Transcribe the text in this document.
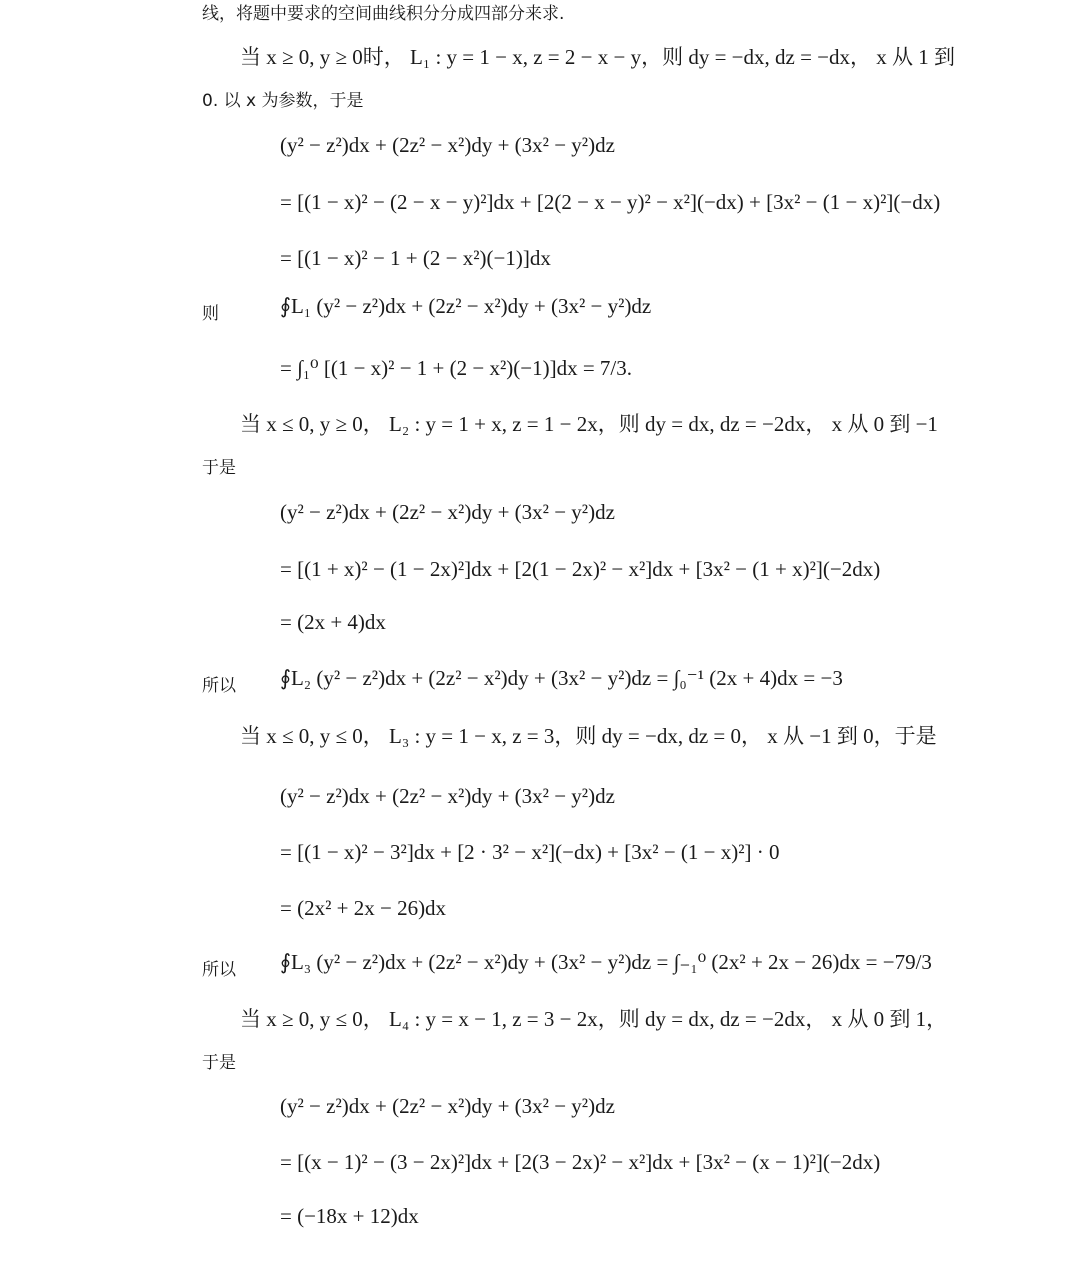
线，将题中要求的空间曲线积分分成四部分来求.
当 x ≥ 0, y ≥ 0时， L₁ : y = 1 − x, z = 2 − x − y，则 dy = −dx, dz = −dx， x 从 1 到
0. 以 x 为参数，于是
(y² − z²)dx + (2z² − x²)dy + (3x² − y²)dz
= [(1 − x)² − (2 − x − y)²]dx + [2(2 − x − y)² − x²](−dx) + [3x² − (1 − x)²](−dx)
= [(1 − x)² − 1 + (2 − x²)(−1)]dx
则	∮L₁ (y² − z²)dx + (2z² − x²)dy + (3x² − y²)dz
= ∫₁⁰ [(1 − x)² − 1 + (2 − x²)(−1)]dx = 7/3.
当 x ≤ 0, y ≥ 0， L₂ : y = 1 + x, z = 1 − 2x，则 dy = dx, dz = −2dx， x 从 0 到 −1
于是
(y² − z²)dx + (2z² − x²)dy + (3x² − y²)dz
= [(1 + x)² − (1 − 2x)²]dx + [2(1 − 2x)² − x²]dx + [3x² − (1 + x)²](−2dx)
= (2x + 4)dx
所以 ∮L₂ (y² − z²)dx + (2z² − x²)dy + (3x² − y²)dz = ∫₀⁻¹ (2x + 4)dx = −3
当 x ≤ 0, y ≤ 0， L₃ : y = 1 − x, z = 3，则 dy = −dx, dz = 0， x 从 −1 到 0，于是
(y² − z²)dx + (2z² − x²)dy + (3x² − y²)dz
= [(1 − x)² − 3²]dx + [2 · 3² − x²](−dx) + [3x² − (1 − x)²] · 0
= (2x² + 2x − 26)dx
所以 ∮L₃ (y² − z²)dx + (2z² − x²)dy + (3x² − y²)dz = ∫₋₁⁰ (2x² + 2x − 26)dx = −79/3
当 x ≥ 0, y ≤ 0， L₄ : y = x − 1, z = 3 − 2x，则 dy = dx, dz = −2dx， x 从 0 到 1，
于是
(y² − z²)dx + (2z² − x²)dy + (3x² − y²)dz
= [(x − 1)² − (3 − 2x)²]dx + [2(3 − 2x)² − x²]dx + [3x² − (x − 1)²](−2dx)
= (−18x + 12)dx
